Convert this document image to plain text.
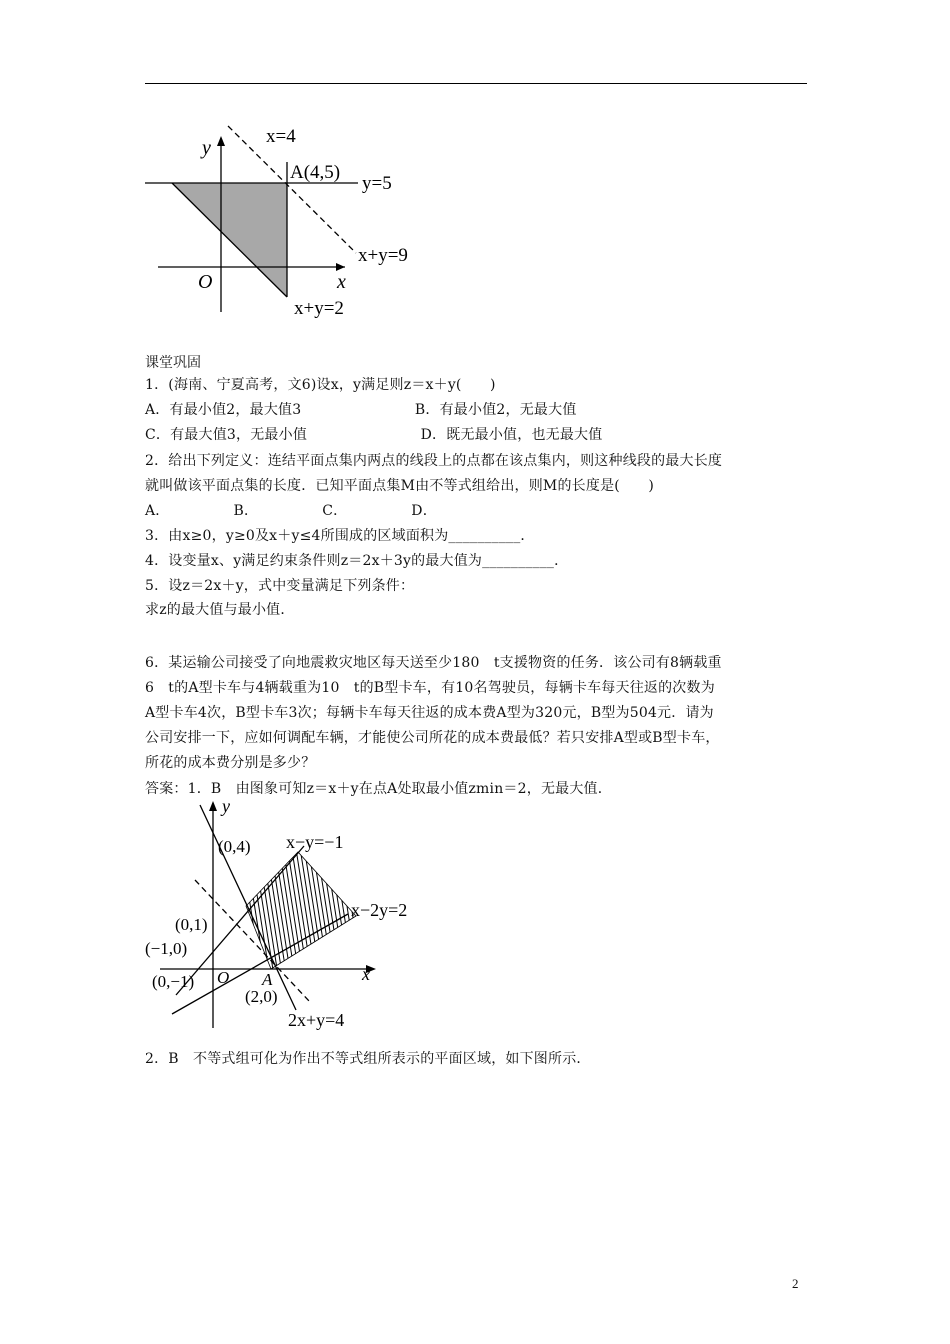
y
x=4
A(4,5)
y=5
x+y=9
O	x
x+y=2
课堂巩固
1．(海南、宁夏高考，文6)设x，y满足则z＝x＋y(　　)
A．有最小值2，最大值3　　　　　　　　B．有最小值2，无最大值
C．有最大值3，无最小值　　　　　　　　D．既无最小值，也无最大值
2．给出下列定义：连结平面点集内两点的线段上的点都在该点集内，则这种线段的最大长度
就叫做该平面点集的长度．已知平面点集M由不等式组给出，则M的长度是(　　)
A．　　　　　B．　　　　　C．　　　　　D．
3．由x≥0，y≥0及x＋y≤4所围成的区域面积为__________．
4．设变量x、y满足约束条件则z＝2x＋3y的最大值为__________．
5．设z＝2x＋y，式中变量满足下列条件：
求z的最大值与最小值．
6．某运输公司接受了向地震救灾地区每天送至少180　t支援物资的任务．该公司有8辆载重
6　t的A型卡车与4辆载重为10　t的B型卡车，有10名驾驶员，每辆卡车每天往返的次数为
A型卡车4次，B型卡车3次；每辆卡车每天往返的成本费A型为320元，B型为504元．请为
公司安排一下，应如何调配车辆，才能使公司所花的成本费最低？若只安排A型或B型卡车，
所花的成本费分别是多少？
答案：1．B　由图象可知z＝x＋y在点A处取最小值zmin＝2，无最大值．
y
(0,4) x−y=−1
x−2y=2
(0,1)
(−1,0)
O	x
A
(0,−1)
(2,0)
2x+y=4
2．B　不等式组可化为作出不等式组所表示的平面区域，如下图所示．
2
